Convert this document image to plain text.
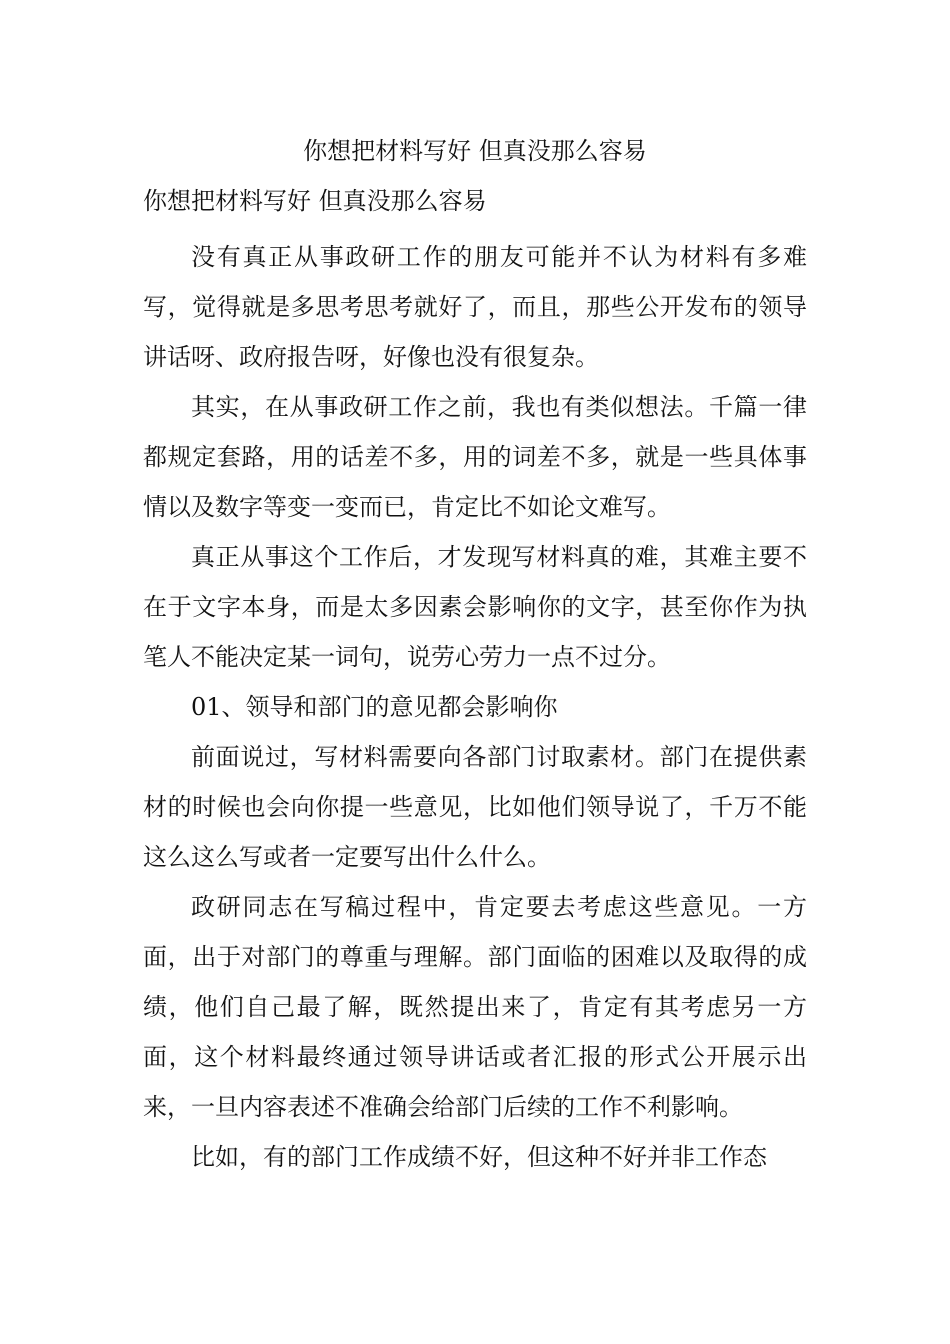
你想把材料写好 但真没那么容易
你想把材料写好 但真没那么容易

没有真正从事政研工作的朋友可能并不认为材料有多难写，觉得就是多思考思考就好了，而且，那些公开发布的领导讲话呀、政府报告呀，好像也没有很复杂。

其实，在从事政研工作之前，我也有类似想法。千篇一律都规定套路，用的话差不多，用的词差不多，就是一些具体事情以及数字等变一变而已，肯定比不如论文难写。

真正从事这个工作后，才发现写材料真的难，其难主要不在于文字本身，而是太多因素会影响你的文字，甚至你作为执笔人不能决定某一词句，说劳心劳力一点不过分。

01、领导和部门的意见都会影响你

前面说过，写材料需要向各部门讨取素材。部门在提供素材的时候也会向你提一些意见，比如他们领导说了，千万不能这么这么写或者一定要写出什么什么。

政研同志在写稿过程中，肯定要去考虑这些意见。一方面，出于对部门的尊重与理解。部门面临的困难以及取得的成绩，他们自己最了解，既然提出来了，肯定有其考虑另一方面，这个材料最终通过领导讲话或者汇报的形式公开展示出来，一旦内容表述不准确会给部门后续的工作不利影响。

比如，有的部门工作成绩不好，但这种不好并非工作态
